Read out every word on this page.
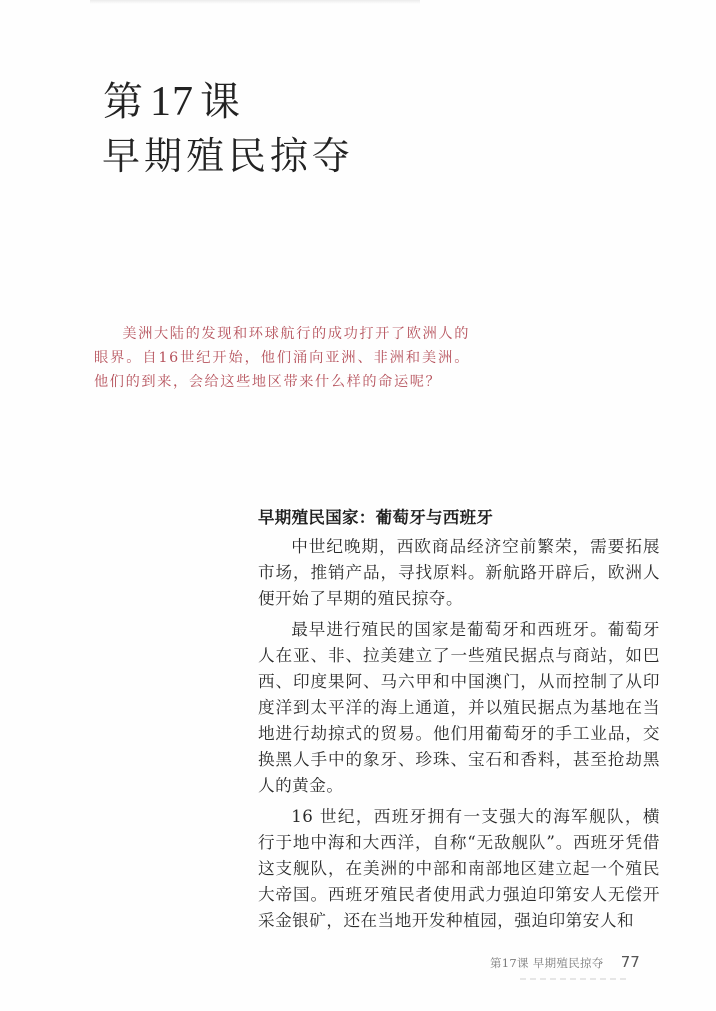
第 17 课
早期殖民掠夺

美洲大陆的发现和环球航行的成功打开了欧洲人的眼界。自16世纪开始，他们涌向亚洲、非洲和美洲。他们的到来，会给这些地区带来什么样的命运呢？

早期殖民国家：葡萄牙与西班牙

中世纪晚期，西欧商品经济空前繁荣，需要拓展市场，推销产品，寻找原料。新航路开辟后，欧洲人便开始了早期的殖民掠夺。

最早进行殖民的国家是葡萄牙和西班牙。葡萄牙人在亚、非、拉美建立了一些殖民据点与商站，如巴西、印度果阿、马六甲和中国澳门，从而控制了从印度洋到太平洋的海上通道，并以殖民据点为基地在当地进行劫掠式的贸易。他们用葡萄牙的手工业品，交换黑人手中的象牙、珍珠、宝石和香料，甚至抢劫黑人的黄金。

16 世纪，西班牙拥有一支强大的海军舰队，横行于地中海和大西洋，自称“无敌舰队”。西班牙凭借这支舰队，在美洲的中部和南部地区建立起一个殖民大帝国。西班牙殖民者使用武力强迫印第安人无偿开采金银矿，还在当地开发种植园，强迫印第安人和

第17课 早期殖民掠夺 77
